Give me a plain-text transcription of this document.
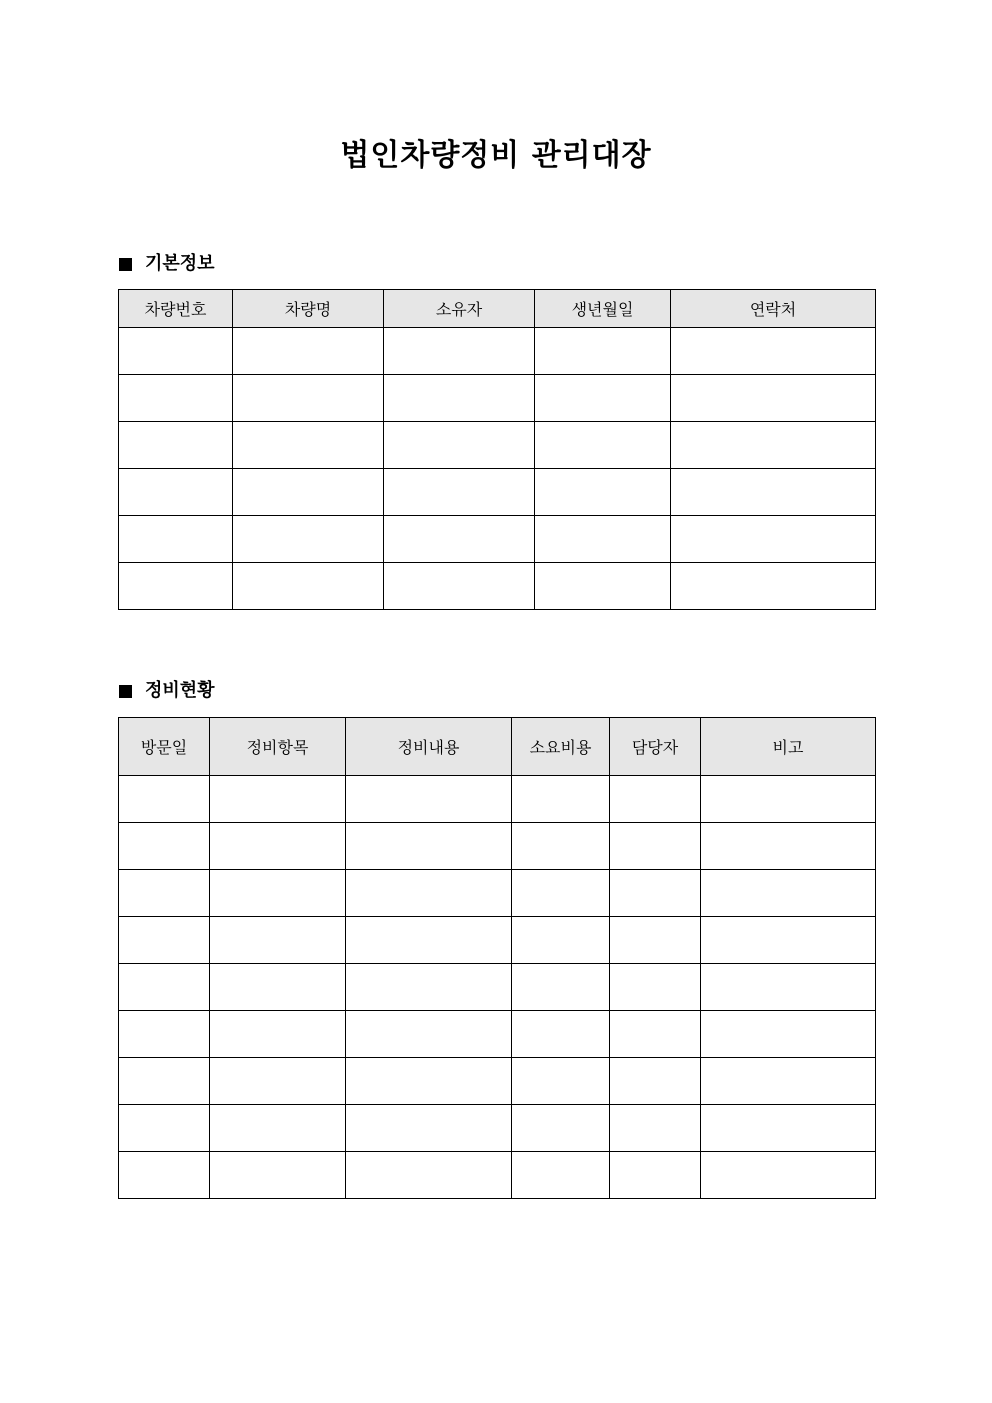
법인차량정비 관리대장
기본정보
차량번호	차량명	소유자	생년월일	연락처

정비현황
방문일	정비항목	정비내용	소요비용	담당자	비고
